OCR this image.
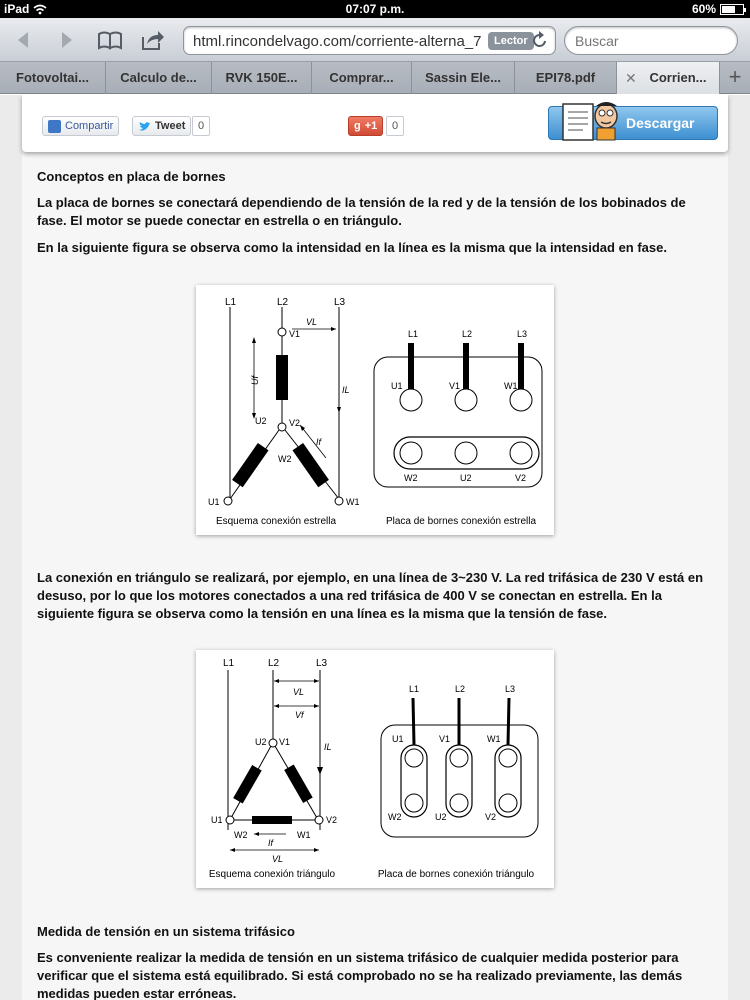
iPad	07:07 p.m.	60%
html.rincondelvago.com/corriente-alterna_7	Lector
Buscar
Fotovoltai...	Calculo de...	RVK 150E...	Comprar...	Sassin Ele...	EPI78.pdf	✕ Corrien...	+
Compartir	Tweet	0	g +1	0	Descargar
Conceptos en placa de bornes
La placa de bornes se conectará dependiendo de la tensión de la red y de la tensión de los bobinados de fase. El motor se puede conectar en estrella o en triángulo.
En la siguiente figura se observa como la intensidad en la línea es la misma que la intensidad en fase.
L1	L2	L3
V1
VL
Uf
IL
U2 V2
If
W2
U1	W1
Esquema conexión estrella
L1	L2	L3
U1	V1	W1
W2	U2	V2
Placa de bornes conexión estrella
La conexión en triángulo se realizará, por ejemplo, en una línea de 3~230 V. La red trifásica de 230 V está en desuso, por lo que los motores conectados a una red trifásica de 400 V se conectan en estrella. En la siguiente figura se observa como la tensión en una línea es la misma que la tensión de fase.
L1	L2	L3
VL
Vf
IL
U2 V1
U1	V2
W2	W1
If
VL
Esquema conexión triángulo
L1	L2	L3
U1	V1	W1
W2	U2	V2
Placa de bornes conexión triángulo
Medida de tensión en un sistema trifásico
Es conveniente realizar la medida de tensión en un sistema trifásico de cualquier medida posterior para verificar que el sistema está equilibrado. Si está comprobado no se ha realizado previamente, las demás medidas pueden estar erróneas.
